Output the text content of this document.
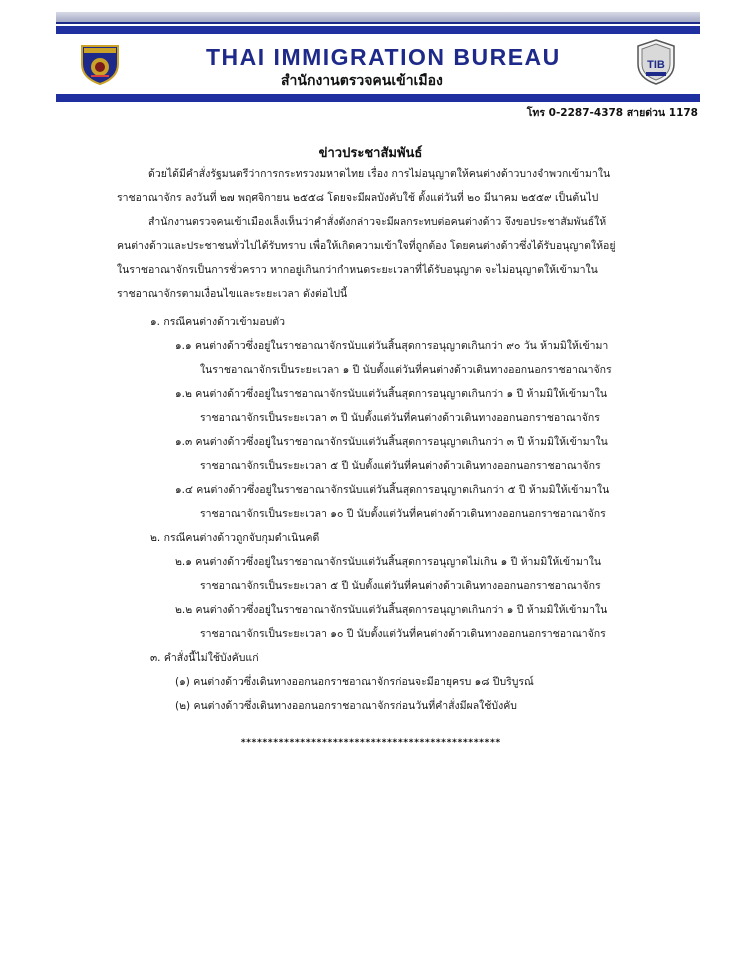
THAI IMMIGRATION BUREAU
สำนักงานตรวจคนเข้าเมือง
TIB
โทร 0-2287-4378 สายด่วน 1178
ข่าวประชาสัมพันธ์
ด้วยได้มีคำสั่งรัฐมนตรีว่าการกระทรวงมหาดไทย เรื่อง การไม่อนุญาตให้คนต่างด้าวบางจำพวกเข้ามาใน
ราชอาณาจักร ลงวันที่ ๒๗ พฤศจิกายน ๒๕๕๘ โดยจะมีผลบังคับใช้ ตั้งแต่วันที่ ๒๐ มีนาคม ๒๕๕๙ เป็นต้นไป
สำนักงานตรวจคนเข้าเมืองเล็งเห็นว่าคำสั่งดังกล่าวจะมีผลกระทบต่อคนต่างด้าว จึงขอประชาสัมพันธ์ให้
คนต่างด้าวและประชาชนทั่วไปได้รับทราบ เพื่อให้เกิดความเข้าใจที่ถูกต้อง โดยคนต่างด้าวซึ่งได้รับอนุญาตให้อยู่
ในราชอาณาจักรเป็นการชั่วคราว หากอยู่เกินกว่ากำหนดระยะเวลาที่ได้รับอนุญาต จะไม่อนุญาตให้เข้ามาใน
ราชอาณาจักรตามเงื่อนไขและระยะเวลา ดังต่อไปนี้
๑. กรณีคนต่างด้าวเข้ามอบตัว
๑.๑ คนต่างด้าวซึ่งอยู่ในราชอาณาจักรนับแต่วันสิ้นสุดการอนุญาตเกินกว่า ๙๐ วัน ห้ามมิให้เข้ามา
ในราชอาณาจักรเป็นระยะเวลา ๑ ปี นับตั้งแต่วันที่คนต่างด้าวเดินทางออกนอกราชอาณาจักร
๑.๒ คนต่างด้าวซึ่งอยู่ในราชอาณาจักรนับแต่วันสิ้นสุดการอนุญาตเกินกว่า ๑ ปี ห้ามมิให้เข้ามาใน
ราชอาณาจักรเป็นระยะเวลา ๓ ปี นับตั้งแต่วันที่คนต่างด้าวเดินทางออกนอกราชอาณาจักร
๑.๓ คนต่างด้าวซึ่งอยู่ในราชอาณาจักรนับแต่วันสิ้นสุดการอนุญาตเกินกว่า ๓ ปี ห้ามมิให้เข้ามาใน
ราชอาณาจักรเป็นระยะเวลา ๕ ปี นับตั้งแต่วันที่คนต่างด้าวเดินทางออกนอกราชอาณาจักร
๑.๔ คนต่างด้าวซึ่งอยู่ในราชอาณาจักรนับแต่วันสิ้นสุดการอนุญาตเกินกว่า ๕ ปี ห้ามมิให้เข้ามาใน
ราชอาณาจักรเป็นระยะเวลา ๑๐ ปี นับตั้งแต่วันที่คนต่างด้าวเดินทางออกนอกราชอาณาจักร
๒. กรณีคนต่างด้าวถูกจับกุมดำเนินคดี
๒.๑ คนต่างด้าวซึ่งอยู่ในราชอาณาจักรนับแต่วันสิ้นสุดการอนุญาตไม่เกิน ๑ ปี ห้ามมิให้เข้ามาใน
ราชอาณาจักรเป็นระยะเวลา ๕ ปี นับตั้งแต่วันที่คนต่างด้าวเดินทางออกนอกราชอาณาจักร
๒.๒ คนต่างด้าวซึ่งอยู่ในราชอาณาจักรนับแต่วันสิ้นสุดการอนุญาตเกินกว่า ๑ ปี ห้ามมิให้เข้ามาใน
ราชอาณาจักรเป็นระยะเวลา ๑๐ ปี นับตั้งแต่วันที่คนต่างด้าวเดินทางออกนอกราชอาณาจักร
๓. คำสั่งนี้ไม่ใช้บังคับแก่
(๑) คนต่างด้าวซึ่งเดินทางออกนอกราชอาณาจักรก่อนจะมีอายุครบ ๑๘ ปีบริบูรณ์
(๒) คนต่างด้าวซึ่งเดินทางออกนอกราชอาณาจักรก่อนวันที่คำสั่งมีผลใช้บังคับ
************************************************
